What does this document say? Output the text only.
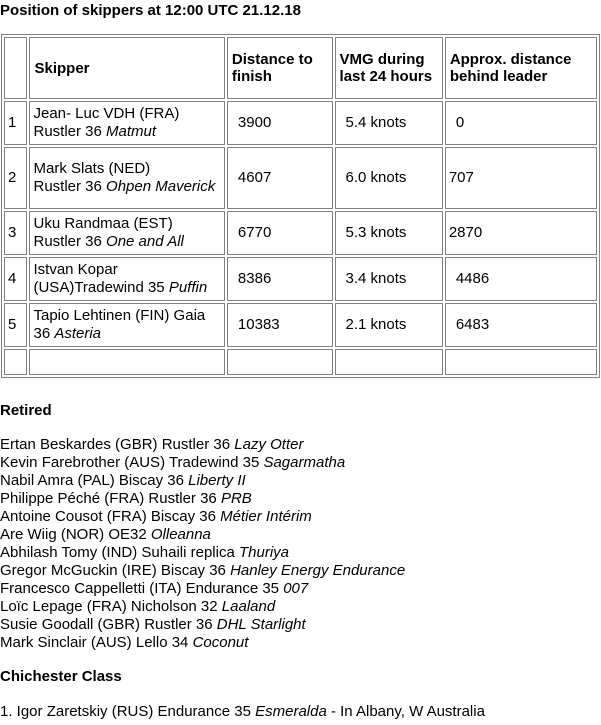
Position of skippers at 12:00 UTC 21.12.18
	Skipper	Distance to finish	VMG during last 24 hours	Approx. distance behind leader
1	Jean- Luc VDH (FRA)
Rustler 36 Matmut	3900	5.4 knots	0
2	Mark Slats (NED)
Rustler 36 Ohpen Maverick	4607	6.0 knots	707
3	Uku Randmaa (EST)
Rustler 36 One and All	6770	5.3 knots	2870
4	Istvan Kopar
(USA)Tradewind 35 Puffin	8386	3.4 knots	4486
5	Tapio Lehtinen (FIN) Gaia
36 Asteria	10383	2.1 knots	6483

Retired
Ertan Beskardes (GBR) Rustler 36 Lazy Otter
Kevin Farebrother (AUS) Tradewind 35 Sagarmatha
Nabil Amra (PAL) Biscay 36 Liberty II
Philippe Péché (FRA) Rustler 36 PRB
Antoine Cousot (FRA) Biscay 36 Métier Intérim
Are Wiig (NOR) OE32 Olleanna
Abhilash Tomy (IND) Suhaili replica Thuriya
Gregor McGuckin (IRE) Biscay 36 Hanley Energy Endurance
Francesco Cappelletti (ITA) Endurance 35 007
Loïc Lepage (FRA) Nicholson 32 Laaland
Susie Goodall (GBR) Rustler 36 DHL Starlight
Mark Sinclair (AUS) Lello 34 Coconut
Chichester Class
1. Igor Zaretskiy (RUS) Endurance 35 Esmeralda - In Albany, W Australia
